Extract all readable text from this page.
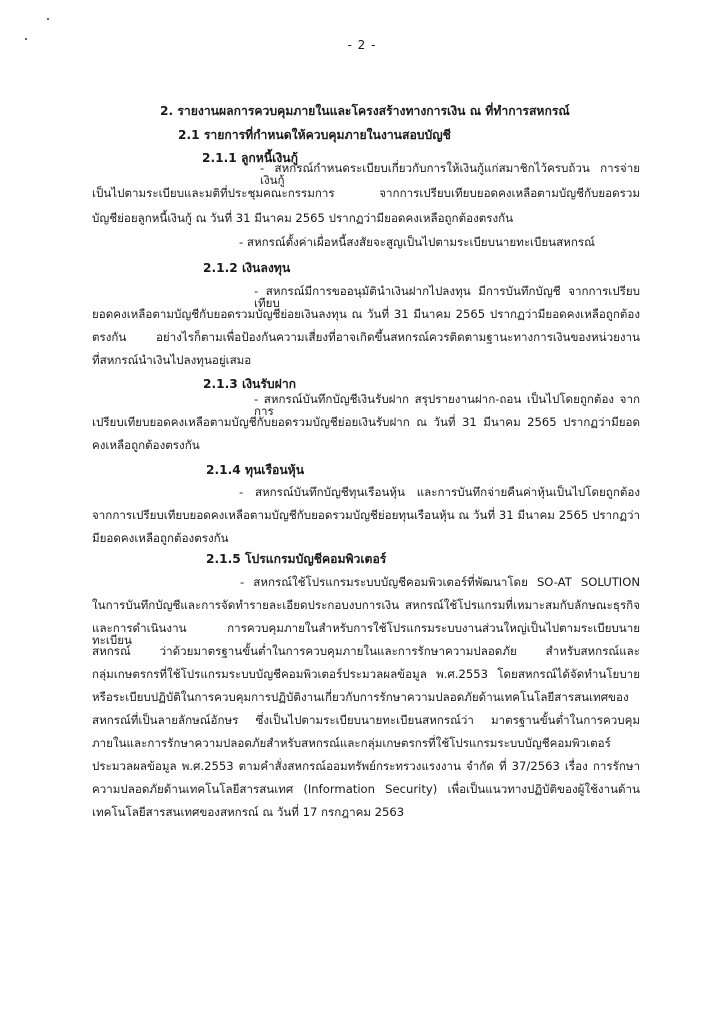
- 2 -
2. รายงานผลการควบคุมภายในและโครงสร้างทางการเงิน ณ ที่ทำการสหกรณ์
2.1 รายการที่กำหนดให้ควบคุมภายในงานสอบบัญชี
2.1.1 ลูกหนี้เงินกู้
- สหกรณ์กำหนดระเบียบเกี่ยวกับการให้เงินกู้แก่สมาชิกไว้ครบถ้วน การจ่ายเงินกู้
เป็นไปตามระเบียบและมติที่ประชุมคณะกรรมการ จากการเปรียบเทียบยอดคงเหลือตามบัญชีกับยอดรวม
บัญชีย่อยลูกหนี้เงินกู้ ณ วันที่ 31 มีนาคม 2565 ปรากฏว่ามียอดคงเหลือถูกต้องตรงกัน
- สหกรณ์ตั้งค่าเผื่อหนี้สงสัยจะสูญเป็นไปตามระเบียบนายทะเบียนสหกรณ์
2.1.2 เงินลงทุน
- สหกรณ์มีการขออนุมัตินำเงินฝากไปลงทุน มีการบันทึกบัญชี จากการเปรียบเทียบ
ยอดคงเหลือตามบัญชีกับยอดรวมบัญชีย่อยเงินลงทุน ณ วันที่ 31 มีนาคม 2565 ปรากฏว่ามียอดคงเหลือถูกต้อง
ตรงกัน อย่างไรก็ตามเพื่อป้องกันความเสี่ยงที่อาจเกิดขึ้นสหกรณ์ควรติดตามฐานะทางการเงินของหน่วยงาน
ที่สหกรณ์นำเงินไปลงทุนอยู่เสมอ
2.1.3 เงินรับฝาก
- สหกรณ์บันทึกบัญชีเงินรับฝาก สรุปรายงานฝาก-ถอน เป็นไปโดยถูกต้อง จากการ
เปรียบเทียบยอดคงเหลือตามบัญชีกับยอดรวมบัญชีย่อยเงินรับฝาก ณ วันที่ 31 มีนาคม 2565 ปรากฏว่ามียอด
คงเหลือถูกต้องตรงกัน
2.1.4 ทุนเรือนหุ้น
- สหกรณ์บันทึกบัญชีทุนเรือนหุ้น และการบันทึกจ่ายคืนค่าหุ้นเป็นไปโดยถูกต้อง
จากการเปรียบเทียบยอดคงเหลือตามบัญชีกับยอดรวมบัญชีย่อยทุนเรือนหุ้น ณ วันที่ 31 มีนาคม 2565 ปรากฏว่า
มียอดคงเหลือถูกต้องตรงกัน
2.1.5 โปรแกรมบัญชีคอมพิวเตอร์
- สหกรณ์ใช้โปรแกรมระบบบัญชีคอมพิวเตอร์ที่พัฒนาโดย SO-AT SOLUTION
ในการบันทึกบัญชีและการจัดทำรายละเอียดประกอบงบการเงิน สหกรณ์ใช้โปรแกรมที่เหมาะสมกับลักษณะธุรกิจ
และการดำเนินงาน การควบคุมภายในสำหรับการใช้โปรแกรมระบบงานส่วนใหญ่เป็นไปตามระเบียบนายทะเบียน
สหกรณ์ ว่าด้วยมาตรฐานขั้นต่ำในการควบคุมภายในและการรักษาความปลอดภัย สำหรับสหกรณ์และ
กลุ่มเกษตรกรที่ใช้โปรแกรมระบบบัญชีคอมพิวเตอร์ประมวลผลข้อมูล พ.ศ.2553 โดยสหกรณ์ได้จัดทำนโยบาย
หรือระเบียบปฏิบัติในการควบคุมการปฏิบัติงานเกี่ยวกับการรักษาความปลอดภัยด้านเทคโนโลยีสารสนเทศของ
สหกรณ์ที่เป็นลายลักษณ์อักษร ซึ่งเป็นไปตามระเบียบนายทะเบียนสหกรณ์ว่า มาตรฐานขั้นต่ำในการควบคุม
ภายในและการรักษาความปลอดภัยสำหรับสหกรณ์และกลุ่มเกษตรกรที่ใช้โปรแกรมระบบบัญชีคอมพิวเตอร์
ประมวลผลข้อมูล พ.ศ.2553 ตามคำสั่งสหกรณ์ออมทรัพย์กระทรวงแรงงาน จำกัด ที่ 37/2563 เรื่อง การรักษา
ความปลอดภัยด้านเทคโนโลยีสารสนเทศ (Information Security) เพื่อเป็นแนวทางปฏิบัติของผู้ใช้งานด้าน
เทคโนโลยีสารสนเทศของสหกรณ์ ณ วันที่ 17 กรกฎาคม 2563
